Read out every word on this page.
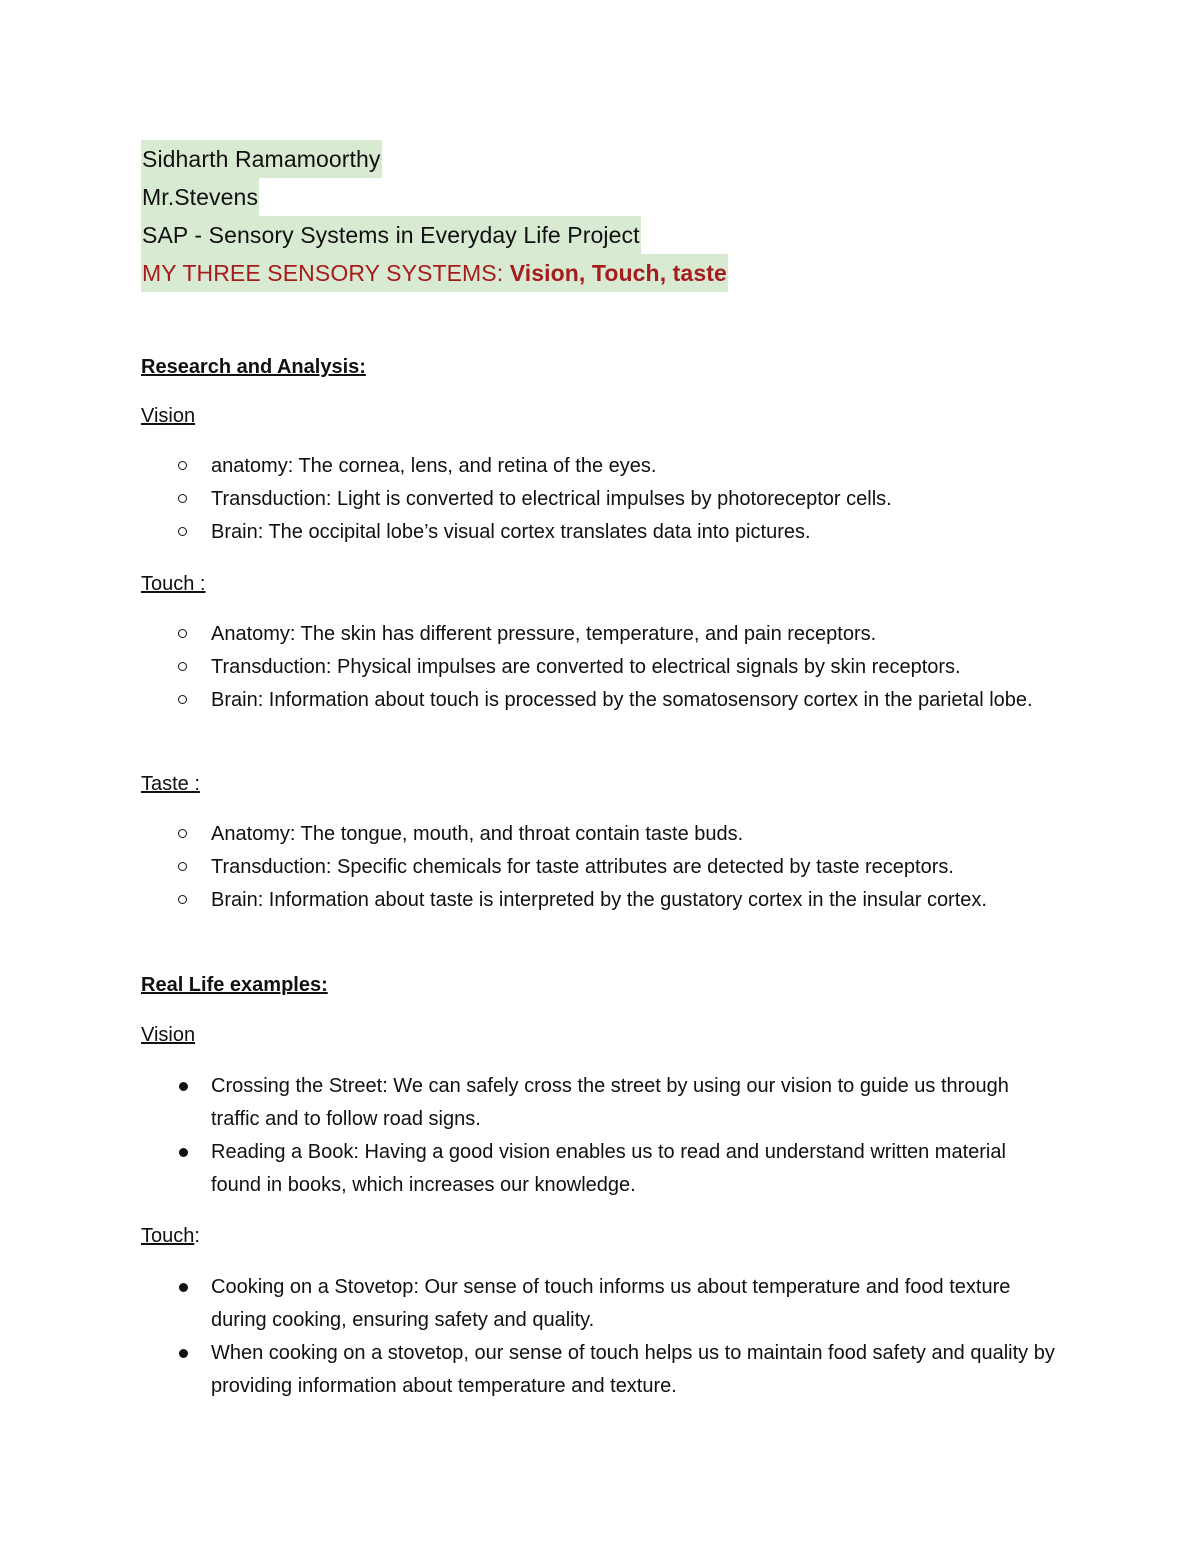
Sidharth Ramamoorthy
Mr.Stevens
SAP - Sensory Systems in Everyday Life Project
MY THREE SENSORY SYSTEMS: Vision, Touch, taste
Research and Analysis:
Vision
anatomy: The cornea, lens, and retina of the eyes.
Transduction: Light is converted to electrical impulses by photoreceptor cells.
Brain: The occipital lobe’s visual cortex translates data into pictures.
Touch :
Anatomy: The skin has different pressure, temperature, and pain receptors.
Transduction: Physical impulses are converted to electrical signals by skin receptors.
Brain: Information about touch is processed by the somatosensory cortex in the parietal lobe.
Taste :
Anatomy: The tongue, mouth, and throat contain taste buds.
Transduction: Specific chemicals for taste attributes are detected by taste receptors.
Brain: Information about taste is interpreted by the gustatory cortex in the insular cortex.
Real Life examples:
Vision
Crossing the Street: We can safely cross the street by using our vision to guide us through traffic and to follow road signs.
Reading a Book: Having a good vision enables us to read and understand written material found in books, which increases our knowledge.
Touch:
Cooking on a Stovetop: Our sense of touch informs us about temperature and food texture during cooking, ensuring safety and quality.
When cooking on a stovetop, our sense of touch helps us to maintain food safety and quality by providing information about temperature and texture.
